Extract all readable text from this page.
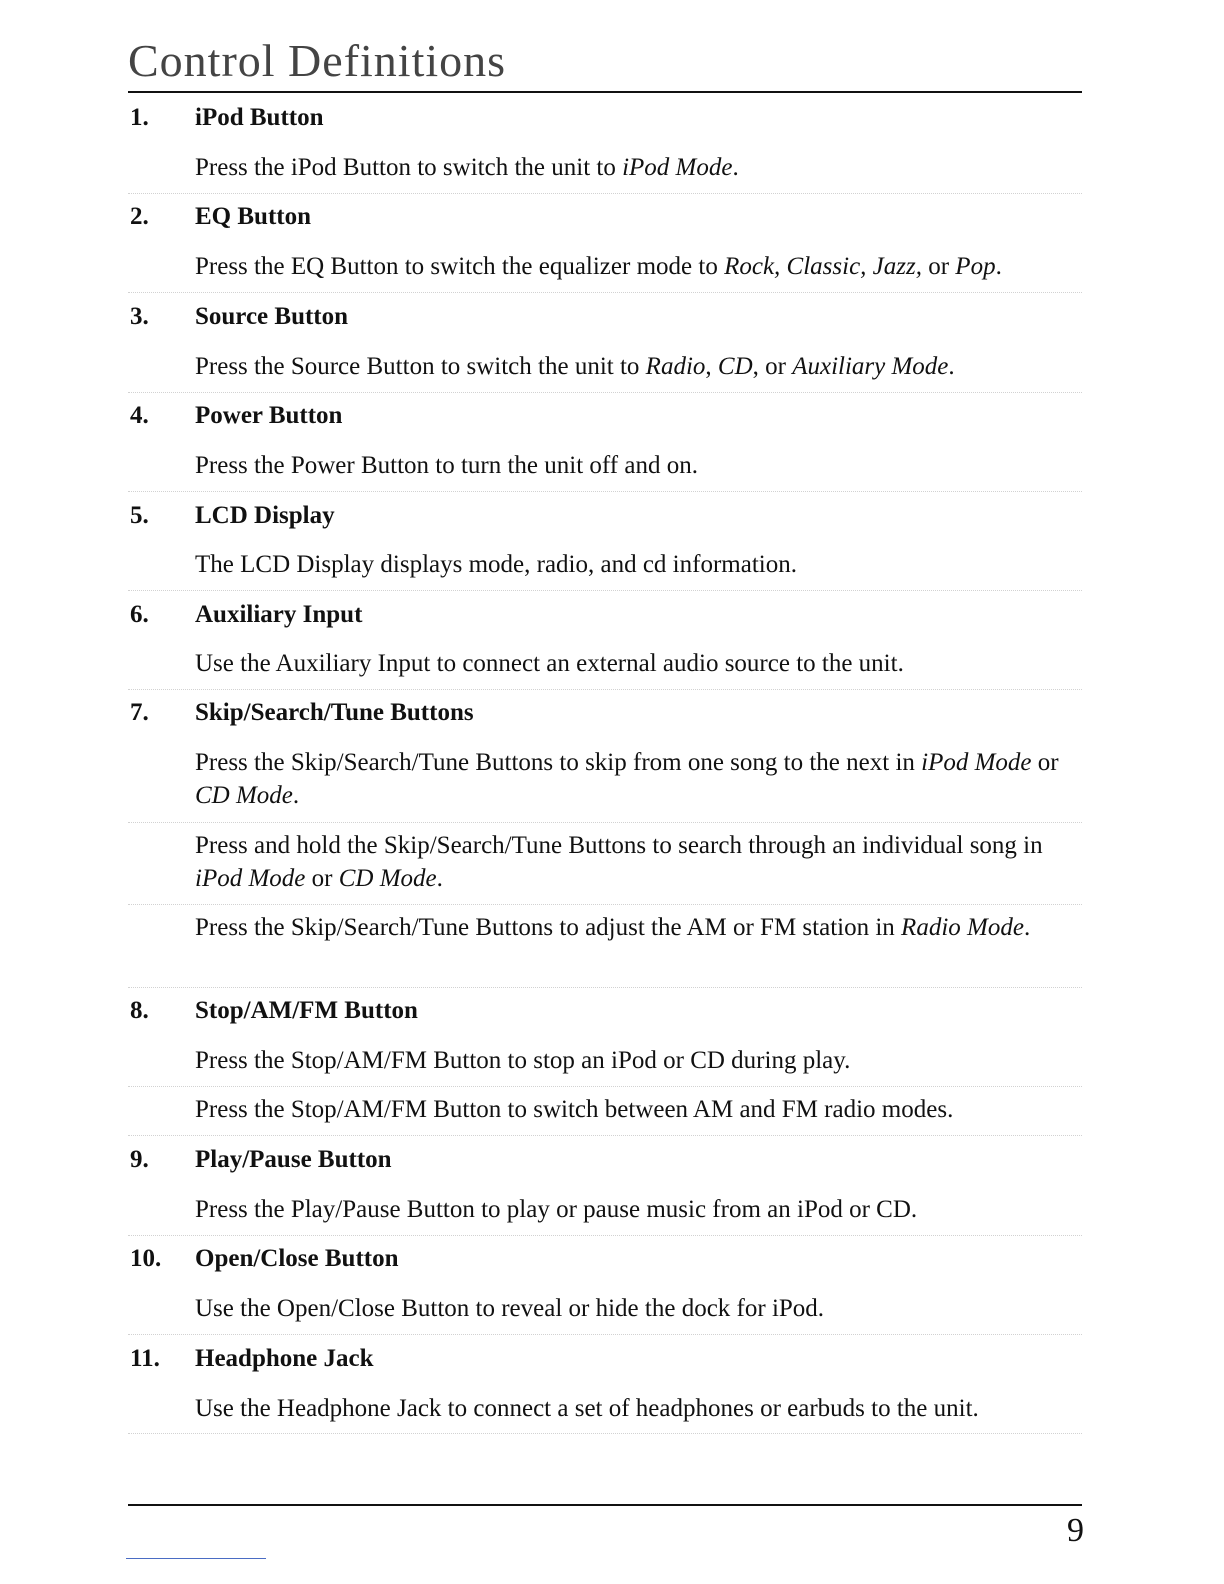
Control Definitions
1. iPod Button
Press the iPod Button to switch the unit to iPod Mode.
2. EQ Button
Press the EQ Button to switch the equalizer mode to Rock, Classic, Jazz, or Pop.
3. Source Button
Press the Source Button to switch the unit to Radio, CD, or Auxiliary Mode.
4. Power Button
Press the Power Button to turn the unit off and on.
5. LCD Display
The LCD Display displays mode, radio, and cd information.
6. Auxiliary Input
Use the Auxiliary Input to connect an external audio source to the unit.
7. Skip/Search/Tune Buttons
Press the Skip/Search/Tune Buttons to skip from one song to the next in iPod Mode or CD Mode.
Press and hold the Skip/Search/Tune Buttons to search through an individual song in iPod Mode or CD Mode.
Press the Skip/Search/Tune Buttons to adjust the AM or FM station in Radio Mode.
8. Stop/AM/FM Button
Press the Stop/AM/FM Button to stop an iPod or CD during play.
Press the Stop/AM/FM Button to switch between AM and FM radio modes.
9. Play/Pause Button
Press the Play/Pause Button to play or pause music from an iPod or CD.
10. Open/Close Button
Use the Open/Close Button to reveal or hide the dock for iPod.
11. Headphone Jack
Use the Headphone Jack to connect a set of headphones or earbuds to the unit.
9
